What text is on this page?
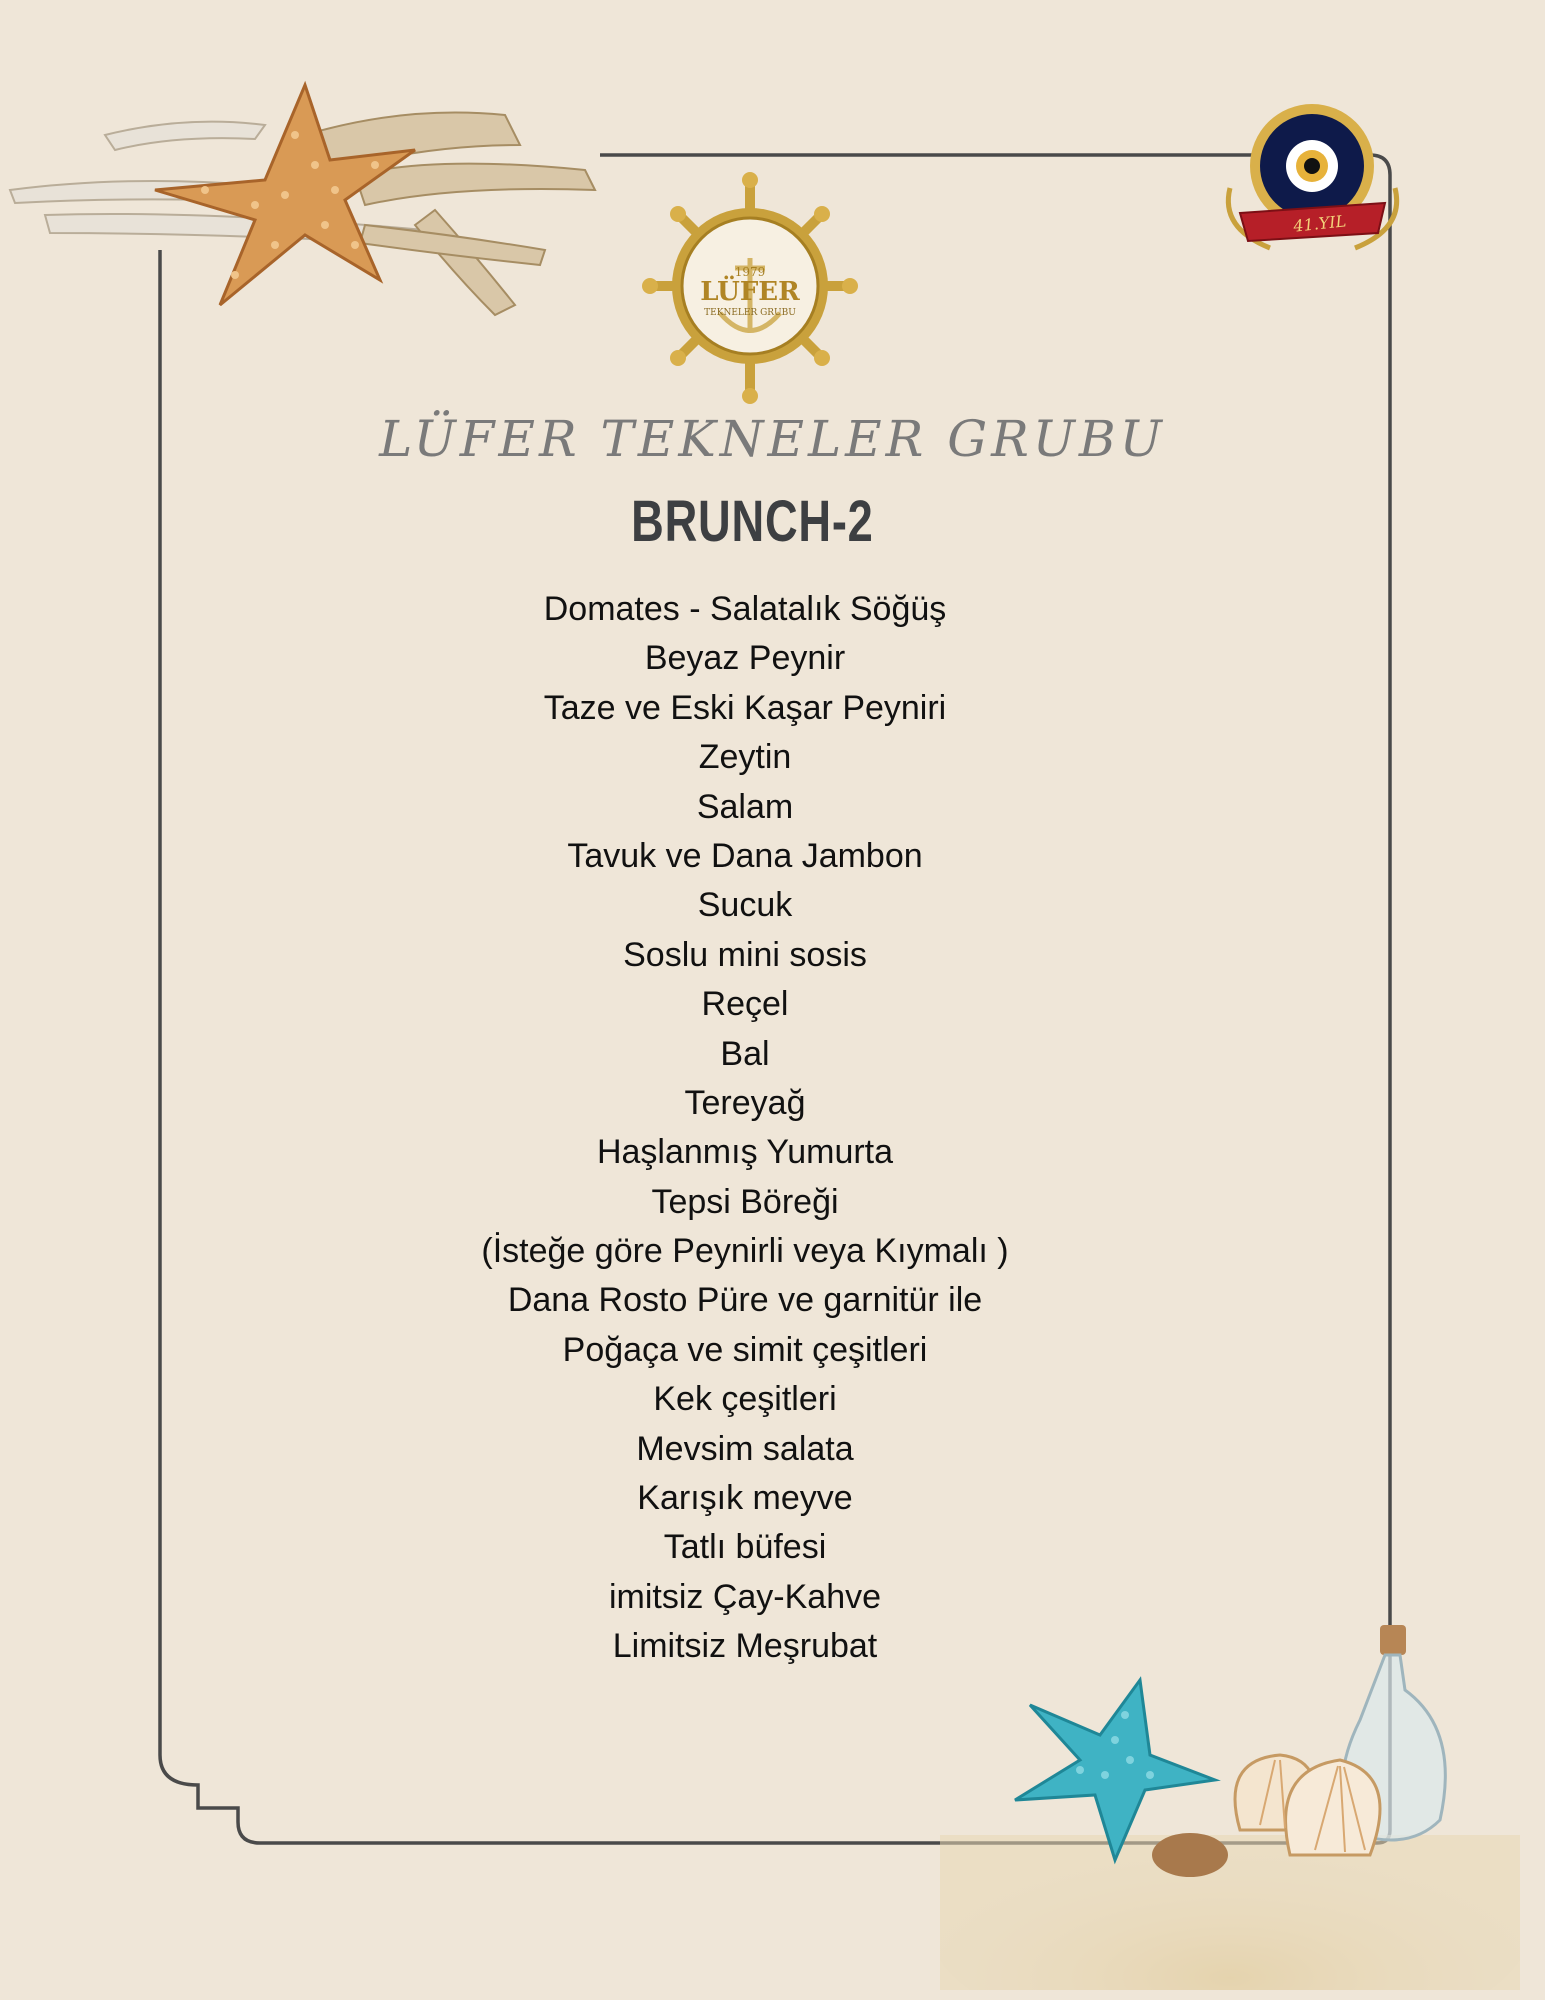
1979
LÜFER
TEKNELER GRUBU
41.YIL
LÜFER TEKNELER GRUBU
BRUNCH-2
Domates - Salatalık Söğüş
Beyaz Peynir
Taze ve Eski Kaşar Peyniri
Zeytin
Salam
Tavuk ve Dana Jambon
Sucuk
Soslu mini sosis
Reçel
Bal
Tereyağ
Haşlanmış Yumurta
Tepsi Böreği
(İsteğe göre Peynirli veya Kıymalı )
Dana Rosto Püre ve garnitür ile
Poğaça ve simit çeşitleri
Kek çeşitleri
Mevsim salata
Karışık meyve
Tatlı büfesi
imitsiz Çay-Kahve
Limitsiz Meşrubat
